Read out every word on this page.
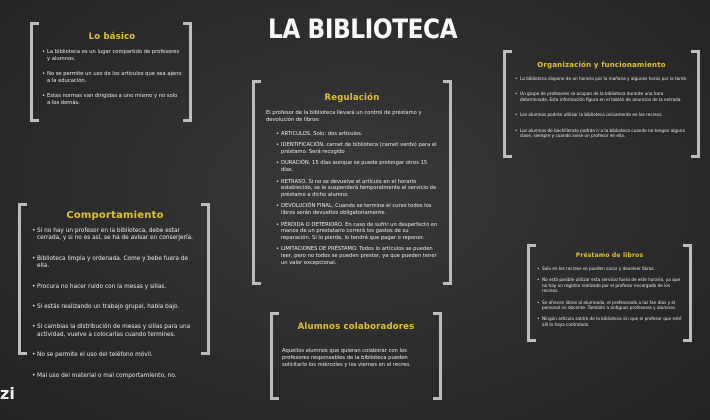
LA BIBLIOTECA
Lo básico
• La biblioteca es un lugar compartido de profesores y alumnos.
• No se permite un uso de los artículos que sea ajeno a la educación.
• Estas normas van dirigidas a uno mismo y no solo a los demás.	Regulación
El profesor de la biblioteca llevará un control de préstamo y devolución de libros:
• ARTICULOS. Solo: dos artículos.
• IDENTIFICACIÓN. carnet de biblioteca (carnet verde) para el préstamo. Será recogido
• DURACIÓN. 15 días aunque se puede prolongar otros 15 días.
• RETRASO. Si no se devuelve el artículo en el horario establecido, se le suspenderá temporalmente el servicio de préstamo a dicho alumno.
• DEVOLUCIÓN FINAL. Cuando se termine el curso todos los libros serán devueltos obligatoriamente.
• PÉRDIDA O DETERIORO. En caso de sufrir un desperfecto en manos de un prestatario correrá los gastos de su reparación. Si lo pierde, lo tendrá que pagar o reponer.
• LIMITACIONES DE PRÉSTAMO. Todos lo artículos se pueden leer, pero no todos se pueden prestar, ya que pueden tener un valor excepcional.
Organización y funcionamiento
• La biblioteca dispone de un horario por la mañana y algunas horas por la tarde.
• Un grupo de profesores se ocupan de la biblioteca durante una hora determinada. Esta información figura en el tablón de anuncios de la entrada.
• Los alumnos podrán utilizar la biblioteca únicamente en los recreos.
• Los alumnos de bachillerato podrán ir a la biblioteca cuando no tengan alguna clase, siempre y cuando avise un profesor en ella.
Comportamiento
• Si no hay un profesor en la biblioteca, debe estar cerrada, y si no es así, se ha de avisar en conserjería.
• Biblioteca limpia y ordenada. Come y bebe fuera de ella.
• Procura no hacer ruido con la mesas y sillas.
• Si estás realizando un trabajo grupal, habla bajo.
• Si cambias la distribución de mesas y sillas para una actividad, vuelve a colocarlas cuando termines.
• No se permite el uso del teléfono móvil.
• Mal uso del material o mal comportamiento, no.
Préstamo de libros
• Solo en los recreos se pueden sacar y devolver libros.
• No está posible utilizar esta servicio fuera de este horario, ya que no hay un registro realizado por el profesor encargado de los recreos.
• Se ofrecen libros al alumnado, el profesorado a las fan días y el personal no docente. También a antiguos profesores y alumnos.
• Ningún artículo saldrá de la biblioteca sin que el profesor que esté allí lo haya controlado.
Alumnos colaboradores
Aquellos alumnos que quieran colaborar con los profesores responsables de la biblioteca pueden solicitarlo los miércoles y los viernes en el recreo.
zi
